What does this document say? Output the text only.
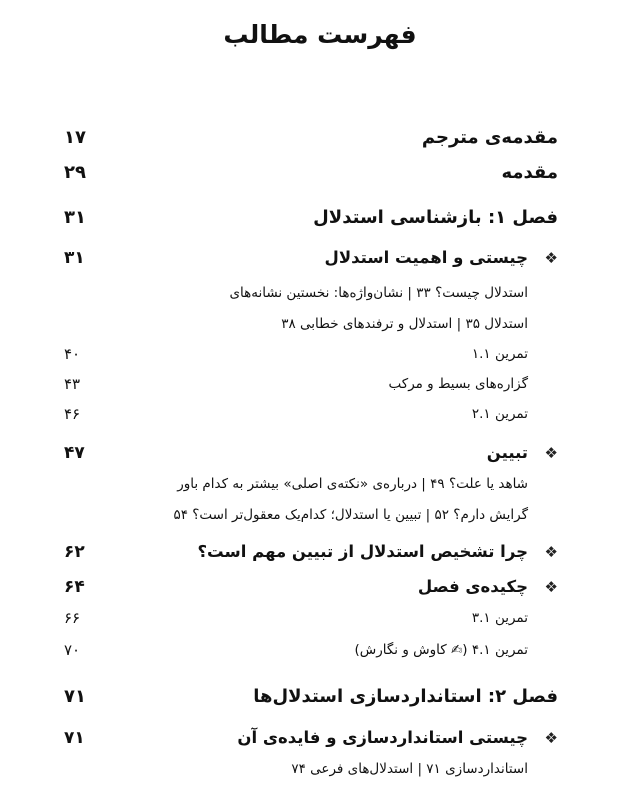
فهرست مطالب
مقدمه‌ی مترجم
۱۷
مقدمه
۲۹
فصل ۱: بازشناسی استدلال
۳۱
❖
چیستی و اهمیت استدلال
۳۱
استدلال چیست؟ ۳۳ | نشان‌واژه‌ها: نخستین نشانه‌های
استدلال ۳۵ | استدلال و ترفندهای خطابی ۳۸
تمرین ۱.۱
۴۰
گزاره‌های بسیط و مرکب
۴۳
تمرین ۲.۱
۴۶
❖
تبیین
۴۷
شاهد یا علت؟ ۴۹ | درباره‌ی «نکته‌ی اصلی» بیشتر به کدام باور
گرایش دارم؟ ۵۲ | تبیین یا استدلال؛ کدام‌یک معقول‌تر است؟ ۵۴
❖
چرا تشخیص استدلال از تبیین مهم است؟
۶۲
❖
چکیده‌ی فصل
۶۴
تمرین ۳.۱
۶۶
تمرین ۴.۱ (✍ کاوش و نگارش)
۷۰
فصل ۲: استانداردسازی استدلال‌ها
۷۱
❖
چیستی استانداردسازی و فایده‌ی آن
۷۱
استانداردسازی ۷۱ | استدلال‌های فرعی ۷۴
